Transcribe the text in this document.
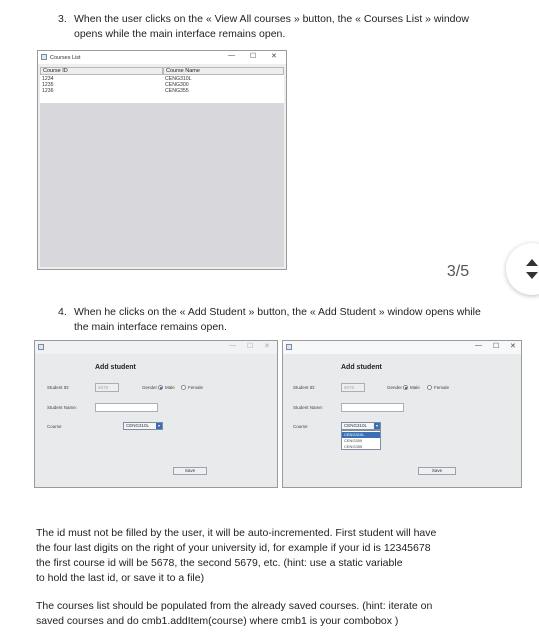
3. When the user clicks on the « View All courses » button, the « Courses List » window
opens while the main interface remains open.
Courses List	— ☐ ✕
Course ID	Course Name
1234	CENG310L
1235	CENG300
1236	CENG355
3/5
4. When he clicks on the « Add Student » button, the « Add Student » window opens while
the main interface remains open.
— ☐ ✕
Add student
Student ID:	5678	Gender Male	Female
Student Name:
Course	CENG310L	▾
Save
— ☐ ✕
Add student
Student ID:	5678	Gender Male	Female
Student Name:
Course	CENG310L	▾
CENG310L
CENG300
CENG355
Save
The id must not be filled by the user, it will be auto-incremented. First student will have
the four last digits on the right of your university id, for example if your id is 12345678
the first course id will be 5678, the second 5679, etc. (hint: use a static variable
to hold the last id, or save it to a file)
The courses list should be populated from the already saved courses. (hint: iterate on
saved courses and do cmb1.addItem(course) where cmb1 is your combobox )
